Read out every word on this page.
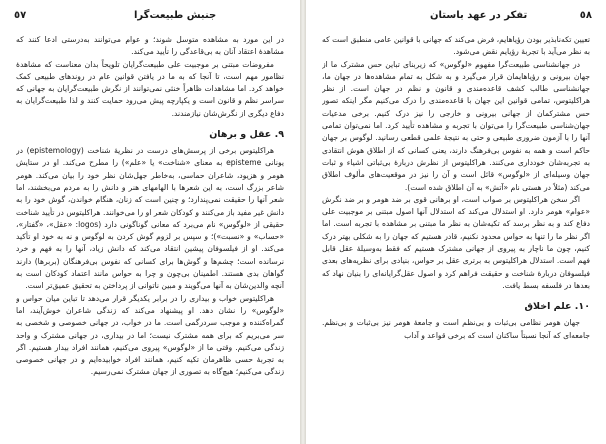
٥٧	جنبش طبیعت‌گرا

در این مورد به مشاهده متوسل شوند؛ و عوام می‌توانند به‌درستی ادعا کنند که مشاهدهٔ اعتقاد آنان به بی‌قاعدگی را تأیید می‌کند.

مفروضات مبتنی بر موجبیت علی طبیعت‌گرایان تلویحاً بدان معناست که مشاهدهٔ نظامور مهم است، تا آنجا که به ما در یافتن قوانین عام در روندهای طبیعی کمک خواهد کرد. اما مشاهدات ظاهراً خنثی نمی‌توانند از نگرش طبیعت‌گرایان به جهانی که سراسر نظم و قانون است و یکپارچه پیش می‌رود حمایت کنند و لذا طبیعت‌گرایان به دفاع دیگری از نگرش‌شان نیازمندند.

۹. عقل و برهان

هراکلیتوس برخی از پرسش‌های درست در نظریهٔ شناخت (epistemology) در یونانی episteme به معنای «شناخت» یا «علم») را مطرح می‌کند. او در ستایش هومر و هزیود، شاعران حماسی، به‌خاطر جهل‌شان نظر خود را بیان می‌کند. هومر شاعر بزرگ است، به این شعرها با الهامهای هنر و دانش را به مردم می‌بخشند، اما شعر آنها را حقیقت نمی‌پندارد؛ و چنین است که زنان، هنگام خواندن، گوش خود را به دانش غیر مفید باز می‌کنند و کودکان شعر او را می‌خوانند. هراکلیتوس در تأیید شناخت حقیقی از «لوگوس» نام می‌برد که معانی گوناگونی دارد (logos: «عقل»، «گفتار»، «حساب» و «نسبت»)؛ و سپس بر لزوم گوش کردن به لوگوس و نه به خود او تأکید می‌کند. او از فیلسوفان پیشین انتقاد می‌کند که دانش زیاد، آنها را به فهم و خرد نرسانده است؛ چشم‌ها و گوش‌ها برای کسانی که نفوس بی‌فرهنگان (بربرها) دارند گواهان بدی هستند. اطمینان بی‌چون و چرا به حواس مانند اعتماد کودکان است به آنچه والدین‌شان به آنها می‌گویند و مبین ناتوانی از پرداختن به تحقیق عمیق‌تر است.

هراکلیتوس خواب و بیداری را در برابر یکدیگر قرار می‌دهد تا تباین میان حواس و «لوگوس» را نشان دهد. او پیشنهاد می‌کند که زندگی شاعران خوش‌آیند، اما گمراه‌کننده و موجب سردرگمی است. ما در خواب، در جهانی خصوصی و شخصی به سر می‌بریم که برای همه مشترک نیست؛ اما در بیداری، در جهانی مشترک و واحد زندگی می‌کنیم. وقتی ما از «لوگوس» پیروی می‌کنیم، همانند افراد بیدار هستیم. اگر به تجربهٔ حسی ظاهرمان تکیه کنیم، همانند افراد خوابیده‌ایم و در جهانی خصوصی زندگی می‌کنیم؛ هیچ‌گاه به تصوری از جهان مشترک نمی‌رسیم.

تفکر در عهد باستان	٥٨

تعیین تکه‌نابذیر بودن رؤیاهایم، فرض می‌کند که جهانی با قوانین عامی منطبق است که به نظر می‌آید با تجربهٔ رؤیایم نقض می‌شود.

در جهانشناسی طبیعت‌گرا مفهوم «لوگوس» که زیربنای تباین حس مشترک ما از جهان بیرونی و رؤیاهایمان قرار می‌گیرد و به شکل به تمام مشاهده‌ها در جهان ما، جهانشناسی طالب کشف قاعده‌مندی و قانون و نظم در جهان است. از نظر هراکلیتوس، تمامی قوانین این جهان با قاعده‌مندی را درک می‌کنیم مگر اینکه تصور حس مشترکمان از جهانی بیرونی و خارجی را نیز درک کنیم. برخی مدعیات جهان‌شناسی طبیعت‌گرا را می‌توان با تجربه و مشاهده تأیید کرد. اما نمی‌توان تمامی آنها را با آزمون ضروری طبیعی و حتی به نتیجهٔ علمی قطعی رسانید. لوگوس بر جهان حاکم است و همه به نفوس بی‌فرهنگ دارند، یعنی کسانی که از اطلاق هوش انتقادی به تجربه‌شان خودداری می‌کنند. هراکلیتوس از نظرش دربارهٔ بی‌ثباتی اشیاء و ثبات جهان وسیله‌ای از «لوگوس» قائل است و آن را نیز در موقعیت‌های مألوف اطلاق می‌کند (مثلاً در هستی نام «آتش» به آن اطلاق شده است).

اگر سخن هراکلیتوس بر صواب است، او برهانی قوی بر ضد هومر و بر ضد نگرش «عوام» هومر دارد. او استدلال می‌کند که استدلال آنها اصول مبتنی بر موجبیت علی دفاع کند و به نظر برسد که تکیه‌شان به نظر ما مبتنی بر مشاهده با تجربه است. اما اگر نظر ما را تنها به حواس محدود نکنیم، قادر هستیم که جهان را به شکلی بهتر درک کنیم، چون ما ناچار به پیروی از جهانی مشترک هستیم که فقط به‌وسیلهٔ عقل قابل فهم است. استدلال هراکلیتوس به برتری عقل بر حواس، بنیادی برای نظریه‌های بعدی فیلسوفان دربارهٔ شناخت و حقیقت فراهم کرد و اصول عقل‌گرایانه‌ای را بنیان نهاد که بعدها در فلسفه بسط یافت.

۱۰. علم اخلاق

جهان هومر نظامی بی‌ثبات و بی‌نظم است و جامعهٔ هومر نیز بی‌ثبات و بی‌نظم. جامعه‌ای که آنجا نسبتاً ساکنان است که برخی قواعد و آداب
